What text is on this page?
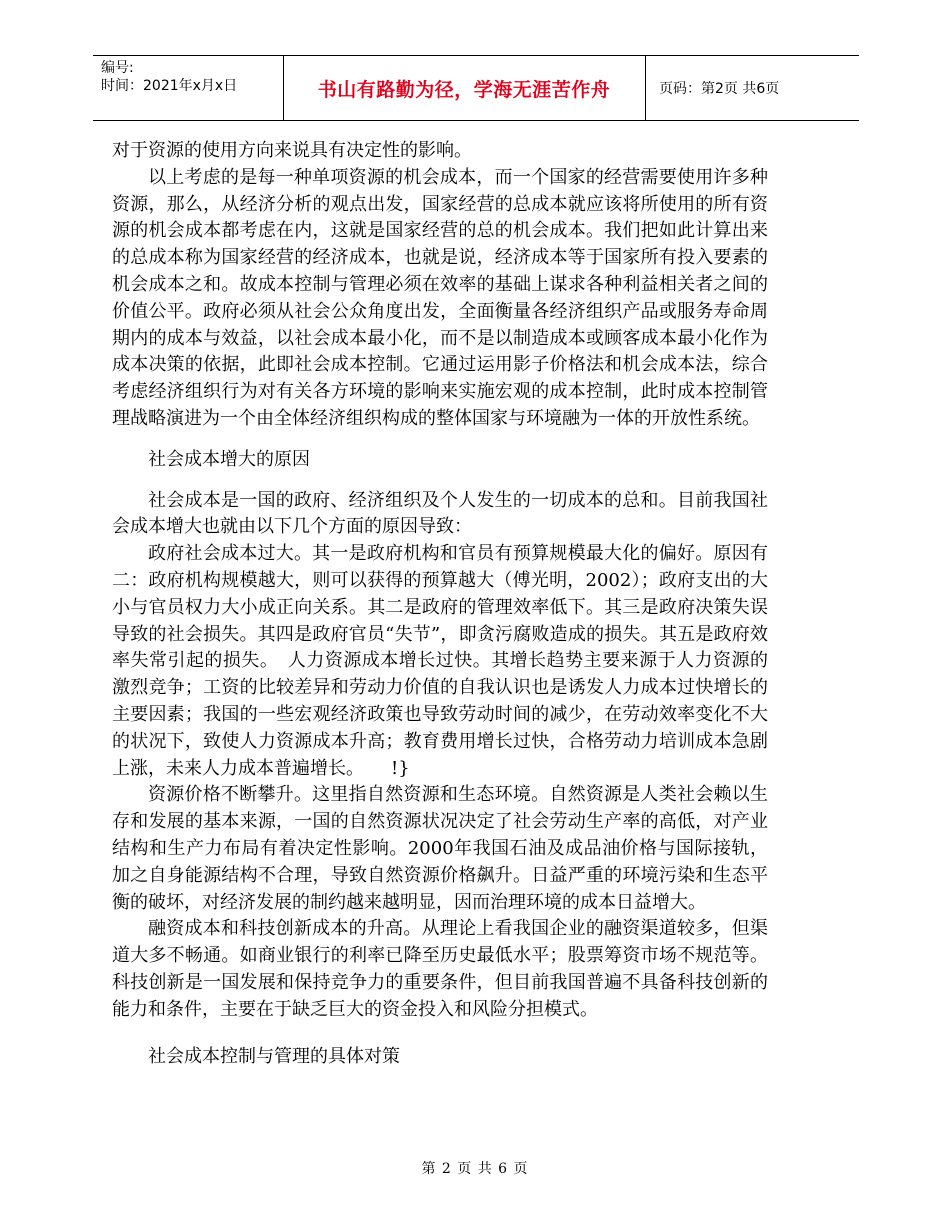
编号:
时间：2021年x月x日	书山有路勤为径，学海无涯苦作舟	页码：第2页 共6页

对于资源的使用方向来说具有决定性的影响。

以上考虑的是每一种单项资源的机会成本，而一个国家的经营需要使用许多种资源，那么，从经济分析的观点出发，国家经营的总成本就应该将所使用的所有资源的机会成本都考虑在内，这就是国家经营的总的机会成本。我们把如此计算出来的总成本称为国家经营的经济成本，也就是说，经济成本等于国家所有投入要素的机会成本之和。故成本控制与管理必须在效率的基础上谋求各种利益相关者之间的价值公平。政府必须从社会公众角度出发，全面衡量各经济组织产品或服务寿命周期内的成本与效益，以社会成本最小化，而不是以制造成本或顾客成本最小化作为成本决策的依据，此即社会成本控制。它通过运用影子价格法和机会成本法，综合考虑经济组织行为对有关各方环境的影响来实施宏观的成本控制，此时成本控制管理战略演进为一个由全体经济组织构成的整体国家与环境融为一体的开放性系统。

社会成本增大的原因

社会成本是一国的政府、经济组织及个人发生的一切成本的总和。目前我国社会成本增大也就由以下几个方面的原因导致：

政府社会成本过大。其一是政府机构和官员有预算规模最大化的偏好。原因有二：政府机构规模越大，则可以获得的预算越大（傅光明，2002）；政府支出的大小与官员权力大小成正向关系。其二是政府的管理效率低下。其三是政府决策失误导致的社会损失。其四是政府官员“失节”，即贪污腐败造成的损失。其五是政府效率失常引起的损失。　人力资源成本增长过快。其增长趋势主要来源于人力资源的激烈竞争；工资的比较差异和劳动力价值的自我认识也是诱发人力成本过快增长的主要因素；我国的一些宏观经济政策也导致劳动时间的减少，在劳动效率变化不大的状况下，致使人力资源成本升高；教育费用增长过快，合格劳动力培训成本急剧上涨，未来人力成本普遍增长。　　!}

资源价格不断攀升。这里指自然资源和生态环境。自然资源是人类社会赖以生存和发展的基本来源，一国的自然资源状况决定了社会劳动生产率的高低，对产业结构和生产力布局有着决定性影响。2000年我国石油及成品油价格与国际接轨，加之自身能源结构不合理，导致自然资源价格飙升。日益严重的环境污染和生态平衡的破坏，对经济发展的制约越来越明显，因而治理环境的成本日益增大。

融资成本和科技创新成本的升高。从理论上看我国企业的融资渠道较多，但渠道大多不畅通。如商业银行的利率已降至历史最低水平；股票筹资市场不规范等。科技创新是一国发展和保持竞争力的重要条件，但目前我国普遍不具备科技创新的能力和条件，主要在于缺乏巨大的资金投入和风险分担模式。

社会成本控制与管理的具体对策

第 2 页 共 6 页
